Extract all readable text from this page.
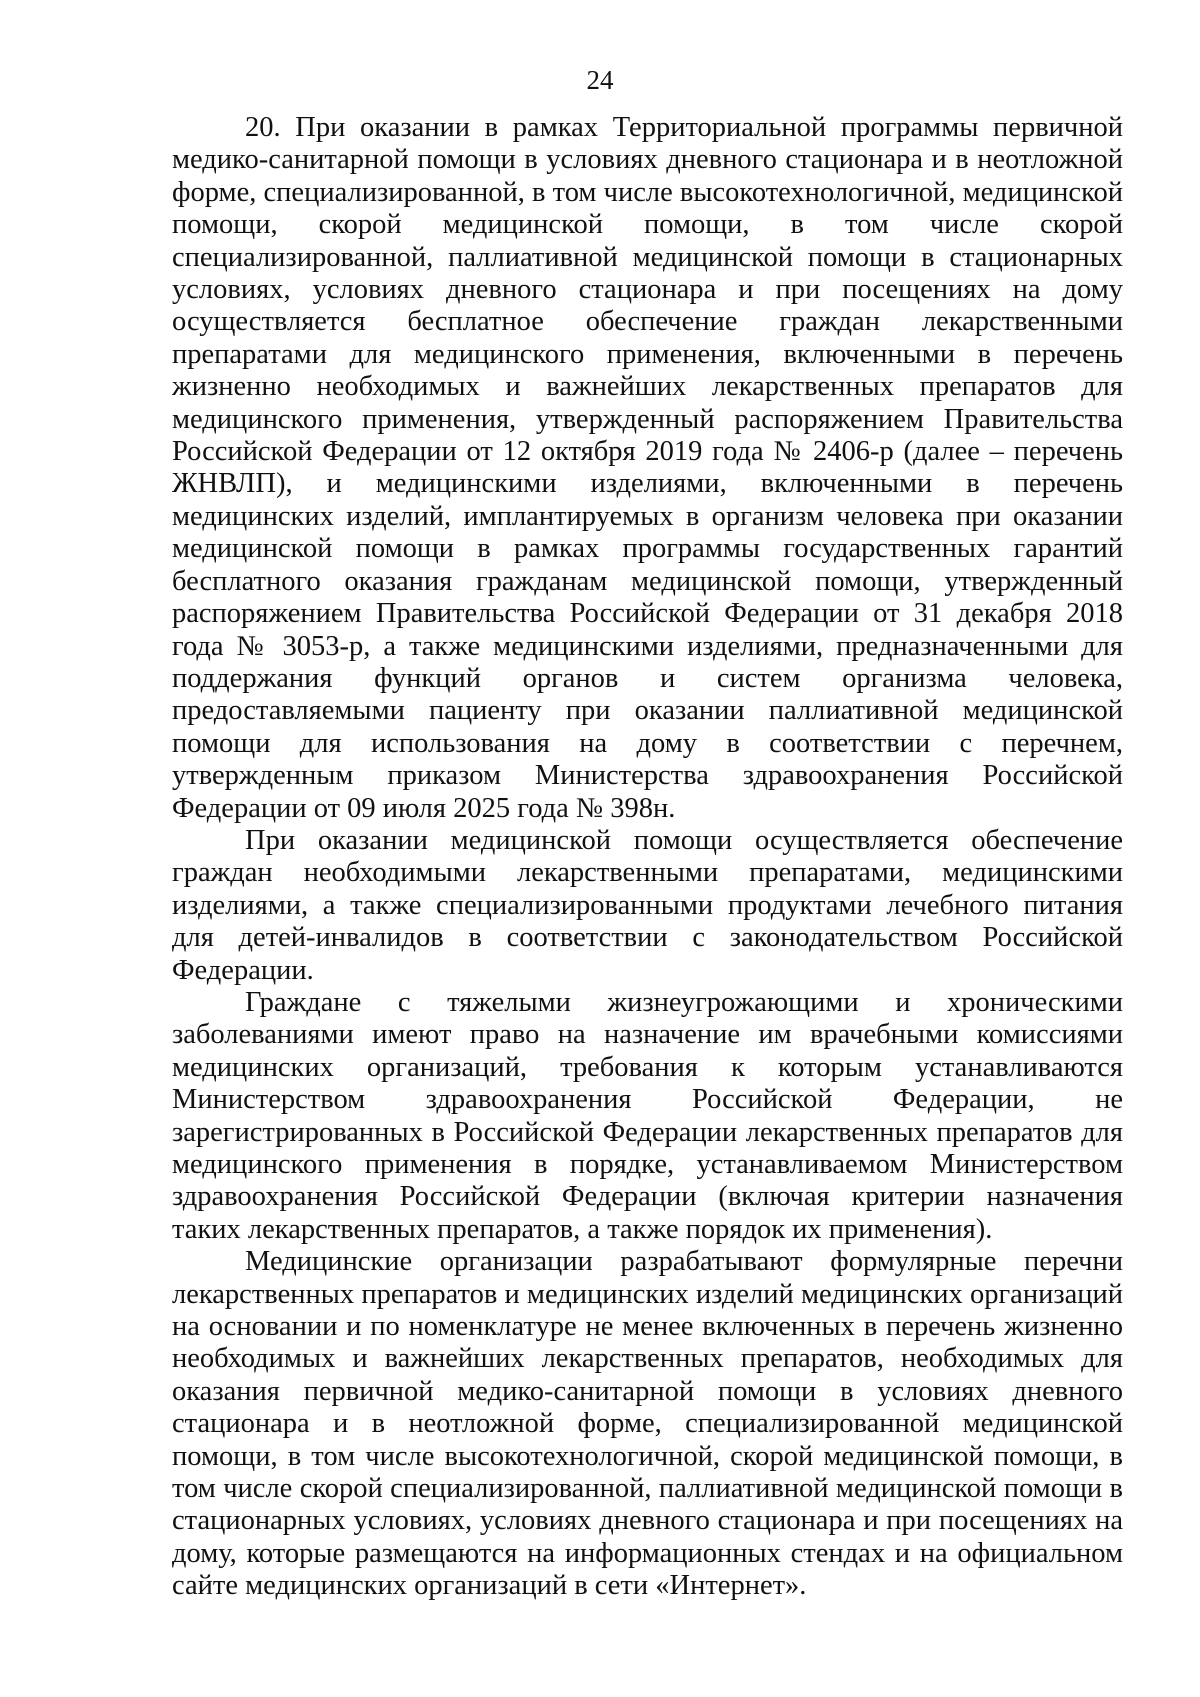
24

20. При оказании в рамках Территориальной программы первичной медико-санитарной помощи в условиях дневного стационара и в неотложной форме, специализированной, в том числе высокотехнологичной, медицинской помощи, скорой медицинской помощи, в том числе скорой специализированной, паллиативной медицинской помощи в стационарных условиях, условиях дневного стационара и при посещениях на дому осуществляется бесплатное обеспечение граждан лекарственными препаратами для медицинского применения, включенными в перечень жизненно необходимых и важнейших лекарственных препаратов для медицинского применения, утвержденный распоряжением Правительства Российской Федерации от 12 октября 2019 года № 2406-р (далее – перечень ЖНВЛП), и медицинскими изделиями, включенными в перечень медицинских изделий, имплантируемых в организм человека при оказании медицинской помощи в рамках программы государственных гарантий бесплатного оказания гражданам медицинской помощи, утвержденный распоряжением Правительства Российской Федерации от 31 декабря 2018 года № 3053-р, а также медицинскими изделиями, предназначенными для поддержания функций органов и систем организма человека, предоставляемыми пациенту при оказании паллиативной медицинской помощи для использования на дому в соответствии с перечнем, утвержденным приказом Министерства здравоохранения Российской Федерации от 09 июля 2025 года № 398н.

При оказании медицинской помощи осуществляется обеспечение граждан необходимыми лекарственными препаратами, медицинскими изделиями, а также специализированными продуктами лечебного питания для детей-инвалидов в соответствии с законодательством Российской Федерации.

Граждане с тяжелыми жизнеугрожающими и хроническими заболеваниями имеют право на назначение им врачебными комиссиями медицинских организаций, требования к которым устанавливаются Министерством здравоохранения Российской Федерации, не зарегистрированных в Российской Федерации лекарственных препаратов для медицинского применения в порядке, устанавливаемом Министерством здравоохранения Российской Федерации (включая критерии назначения таких лекарственных препаратов, а также порядок их применения).

Медицинские организации разрабатывают формулярные перечни лекарственных препаратов и медицинских изделий медицинских организаций на основании и по номенклатуре не менее включенных в перечень жизненно необходимых и важнейших лекарственных препаратов, необходимых для оказания первичной медико-санитарной помощи в условиях дневного стационара и в неотложной форме, специализированной медицинской помощи, в том числе высокотехнологичной, скорой медицинской помощи, в том числе скорой специализированной, паллиативной медицинской помощи в стационарных условиях, условиях дневного стационара и при посещениях на дому, которые размещаются на информационных стендах и на официальном сайте медицинских организаций в сети «Интернет».
